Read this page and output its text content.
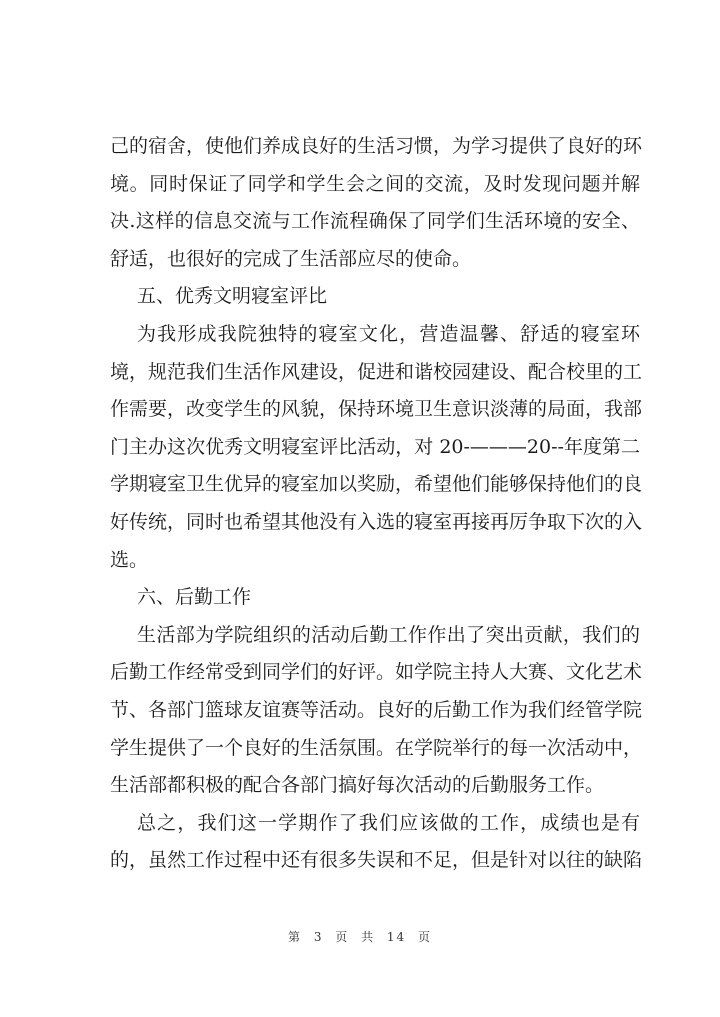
己的宿舍，使他们养成良好的生活习惯，为学习提供了良好的环
境。同时保证了同学和学生会之间的交流，及时发现问题并解
决.这样的信息交流与工作流程确保了同学们生活环境的安全、
舒适，也很好的完成了生活部应尽的使命。
五、优秀文明寝室评比
为我形成我院独特的寝室文化，营造温馨、舒适的寝室环
境，规范我们生活作风建设，促进和谐校园建设、配合校里的工
作需要，改变学生的风貌，保持环境卫生意识淡薄的局面，我部
门主办这次优秀文明寝室评比活动，对 20-———20--年度第二
学期寝室卫生优异的寝室加以奖励，希望他们能够保持他们的良
好传统，同时也希望其他没有入选的寝室再接再厉争取下次的入
选。
六、后勤工作
生活部为学院组织的活动后勤工作作出了突出贡献，我们的
后勤工作经常受到同学们的好评。如学院主持人大赛、文化艺术
节、各部门篮球友谊赛等活动。良好的后勤工作为我们经管学院
学生提供了一个良好的生活氛围。在学院举行的每一次活动中，
生活部都积极的配合各部门搞好每次活动的后勤服务工作。
总之，我们这一学期作了我们应该做的工作，成绩也是有
的，虽然工作过程中还有很多失误和不足，但是针对以往的缺陷
第 3 页 共 14 页
